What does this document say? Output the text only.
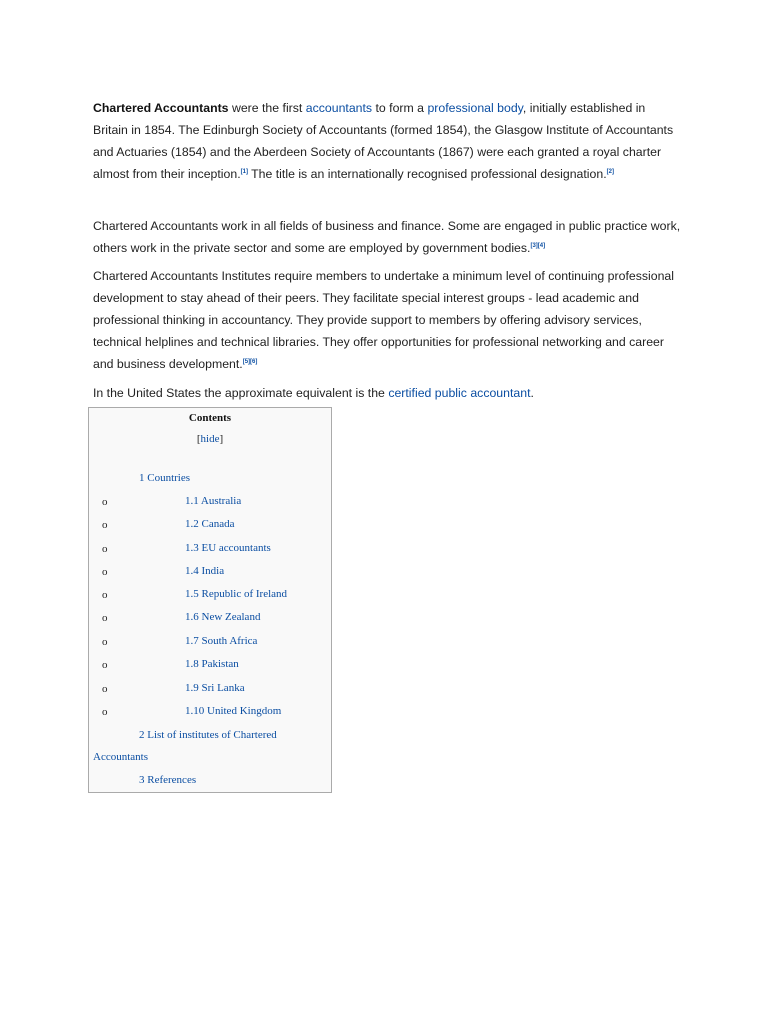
Chartered Accountants were the first accountants to form a professional body, initially established in Britain in 1854. The Edinburgh Society of Accountants (formed 1854), the Glasgow Institute of Accountants and Actuaries (1854) and the Aberdeen Society of Accountants (1867) were each granted a royal charter almost from their inception.[1] The title is an internationally recognised professional designation.[2]

Chartered Accountants work in all fields of business and finance. Some are engaged in public practice work, others work in the private sector and some are employed by government bodies.[3][4]

Chartered Accountants Institutes require members to undertake a minimum level of continuing professional development to stay ahead of their peers. They facilitate special interest groups - lead academic and professional thinking in accountancy. They provide support to members by offering advisory services, technical helplines and technical libraries. They offer opportunities for professional networking and career and business development.[5][6]

In the United States the approximate equivalent is the certified public accountant.

Contents
[hide]
1 Countries
o	1.1 Australia
o	1.2 Canada
o	1.3 EU accountants
o	1.4 India
o	1.5 Republic of Ireland
o	1.6 New Zealand
o	1.7 South Africa
o	1.8 Pakistan
o	1.9 Sri Lanka
o	1.10 United Kingdom
2 List of institutes of Chartered
Accountants
3 References
